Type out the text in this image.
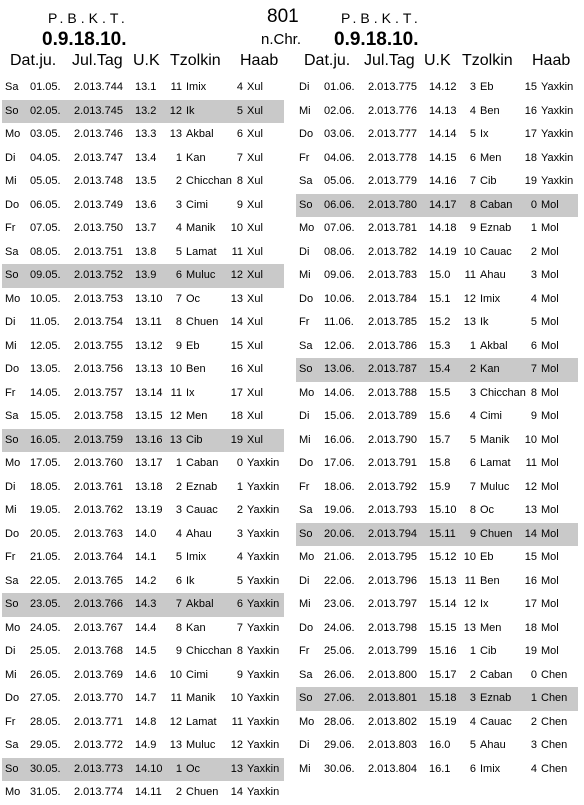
P.B.K.T.
0.9.18.10.
801
n.Chr.
P.B.K.T.
0.9.18.10.
Dat.ju. Jul.Tag U.K Tzolkin Haab Dat.ju. Jul.Tag U.K Tzolkin Haab
Sa 01.05. 2.013.744 13.1 11 Imix	4 Xul
So 02.05. 2.013.745 13.2 12 Ik	5 Xul
Mo 03.05. 2.013.746 13.3 13 Akbal	6 Xul
Di 04.05. 2.013.747 13.4	1 Kan	7 Xul
Mi 05.05. 2.013.748 13.5	2 Chicchan 8 Xul
Do 06.05. 2.013.749 13.6	3 Cimi	9 Xul
Fr 07.05. 2.013.750 13.7	4 Manik	10 Xul
Sa 08.05. 2.013.751 13.8	5 Lamat	11 Xul
So 09.05. 2.013.752 13.9	6 Muluc	12 Xul
Mo 10.05. 2.013.753 13.10	7 Oc	13 Xul
Di 11.05. 2.013.754 13.11	8 Chuen	14 Xul
Mi 12.05. 2.013.755 13.12	9 Eb	15 Xul
Do 13.05. 2.013.756 13.13 10 Ben	16 Xul
Fr 14.05. 2.013.757 13.14 11 Ix	17 Xul
Sa 15.05. 2.013.758 13.15 12 Men	18 Xul
So 16.05. 2.013.759 13.16 13 Cib	19 Xul
Mo 17.05. 2.013.760 13.17	1 Caban	0 Yaxkin
Di 18.05. 2.013.761 13.18	2 Eznab	1 Yaxkin
Mi 19.05. 2.013.762 13.19	3 Cauac	2 Yaxkin
Do 20.05. 2.013.763 14.0	4 Ahau	3 Yaxkin
Fr 21.05. 2.013.764 14.1	5 Imix	4 Yaxkin
Sa 22.05. 2.013.765 14.2	6 Ik	5 Yaxkin
So 23.05. 2.013.766 14.3	7 Akbal	6 Yaxkin
Mo 24.05. 2.013.767 14.4	8 Kan	7 Yaxkin
Di 25.05. 2.013.768 14.5	9 Chicchan 8 Yaxkin
Mi 26.05. 2.013.769 14.6 10 Cimi	9 Yaxkin
Do 27.05. 2.013.770 14.7 11 Manik	10 Yaxkin
Fr 28.05. 2.013.771 14.8 12 Lamat	11 Yaxkin
Sa 29.05. 2.013.772 14.9 13 Muluc	12 Yaxkin
So 30.05. 2.013.773 14.10	1 Oc	13 Yaxkin
Mo 31.05. 2.013.774 14.11	2 Chuen	14 Yaxkin
Di 01.06. 2.013.775 14.12	3 Eb	15 Yaxkin
Mi 02.06. 2.013.776 14.13	4 Ben	16 Yaxkin
Do 03.06. 2.013.777 14.14	5 Ix	17 Yaxkin
Fr 04.06. 2.013.778 14.15	6 Men	18 Yaxkin
Sa 05.06. 2.013.779 14.16	7 Cib	19 Yaxkin
So 06.06. 2.013.780 14.17	8 Caban	0 Mol
Mo 07.06. 2.013.781 14.18	9 Eznab	1 Mol
Di 08.06. 2.013.782 14.19 10 Cauac	2 Mol
Mi 09.06. 2.013.783 15.0 11 Ahau	3 Mol
Do 10.06. 2.013.784 15.1 12 Imix	4 Mol
Fr 11.06. 2.013.785 15.2 13 Ik	5 Mol
Sa 12.06. 2.013.786 15.3	1 Akbal	6 Mol
So 13.06. 2.013.787 15.4	2 Kan	7 Mol
Mo 14.06. 2.013.788 15.5	3 Chicchan 8 Mol
Di 15.06. 2.013.789 15.6	4 Cimi	9 Mol
Mi 16.06. 2.013.790 15.7	5 Manik	10 Mol
Do 17.06. 2.013.791 15.8	6 Lamat	11 Mol
Fr 18.06. 2.013.792 15.9	7 Muluc	12 Mol
Sa 19.06. 2.013.793 15.10	8 Oc	13 Mol
So 20.06. 2.013.794 15.11	9 Chuen	14 Mol
Mo 21.06. 2.013.795 15.12 10 Eb	15 Mol
Di 22.06. 2.013.796 15.13 11 Ben	16 Mol
Mi 23.06. 2.013.797 15.14 12 Ix	17 Mol
Do 24.06. 2.013.798 15.15 13 Men	18 Mol
Fr 25.06. 2.013.799 15.16	1 Cib	19 Mol
Sa 26.06. 2.013.800 15.17	2 Caban	0 Chen
So 27.06. 2.013.801 15.18	3 Eznab	1 Chen
Mo 28.06. 2.013.802 15.19	4 Cauac	2 Chen
Di 29.06. 2.013.803 16.0	5 Ahau	3 Chen
Mi 30.06. 2.013.804 16.1	6 Imix	4 Chen
